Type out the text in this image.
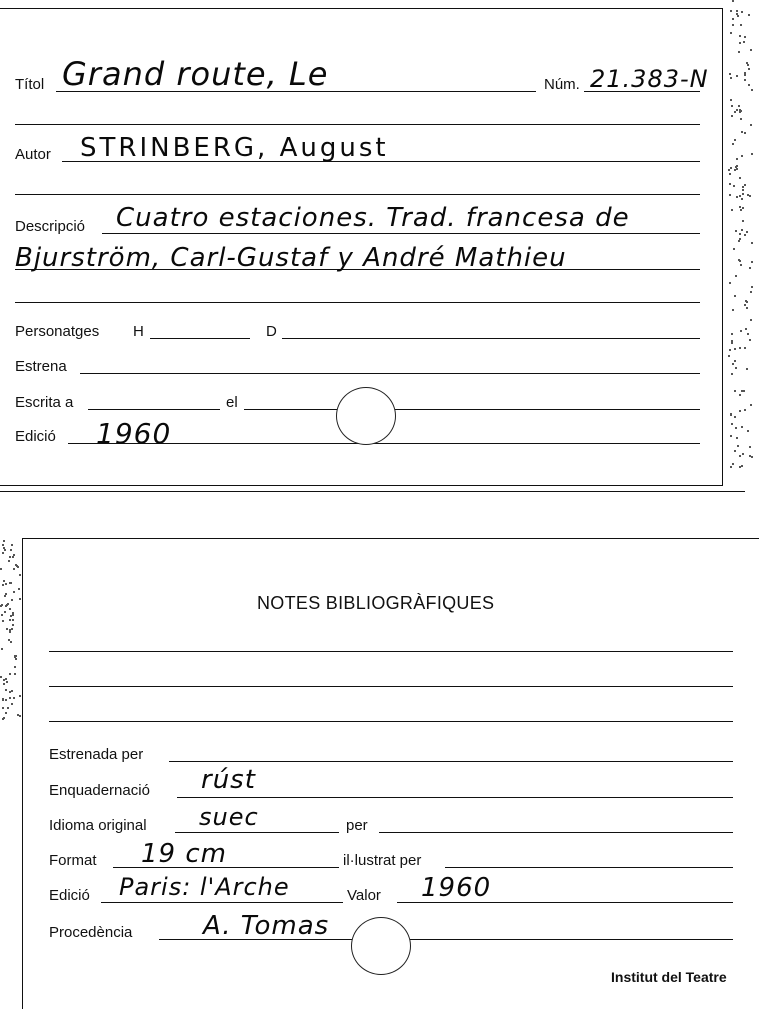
Títol Grand route, Le	Núm. 21.383-N
Autor STRINBERG, August
Descripció Cuatro estaciones. Trad. francesa de
Bjurström, Carl-Gustaf y André Mathieu
Personatges H	D
Estrena
Escrita a	el
Edició 1960
NOTES BIBLIOGRÀFIQUES
Estrenada per
Enquadernació rúst
Idioma original suec	per
Format 19 cm	il·lustrat per
Edició Paris: l'Arche	Valor 1960
Procedència	A. Tomas
Institut del Teatre
